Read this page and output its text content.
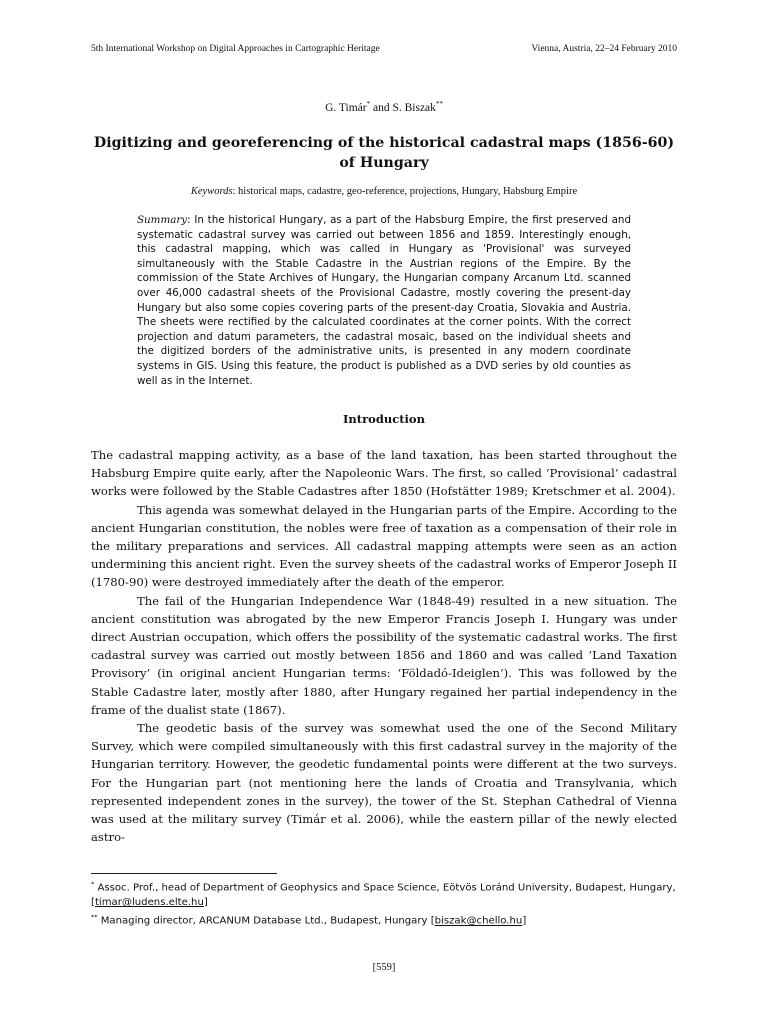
5th International Workshop on Digital Approaches in Cartographic Heritage	Vienna, Austria, 22–24 February 2010
G. Timár* and S. Biszak**
Digitizing and georeferencing of the historical cadastral maps (1856-60) of Hungary
Keywords: historical maps, cadastre, geo-reference, projections, Hungary, Habsburg Empire
Summary: In the historical Hungary, as a part of the Habsburg Empire, the first preserved and systematic cadastral survey was carried out between 1856 and 1859. Interestingly enough, this cadastral mapping, which was called in Hungary as 'Provisional' was surveyed simultaneously with the Stable Cadastre in the Austrian regions of the Empire. By the commission of the State Archives of Hungary, the Hungarian company Arcanum Ltd. scanned over 46,000 cadastral sheets of the Provisional Cadastre, mostly covering the present-day Hungary but also some copies covering parts of the present-day Croatia, Slovakia and Austria. The sheets were rectified by the calculated coordinates at the corner points. With the correct projection and datum parameters, the cadastral mosaic, based on the individual sheets and the digitized borders of the administrative units, is presented in any modern coordinate systems in GIS. Using this feature, the product is published as a DVD series by old counties as well as in the Internet.
Introduction

The cadastral mapping activity, as a base of the land taxation, has been started throughout the Habsburg Empire quite early, after the Napoleonic Wars. The first, so called ‘Provisional’ cadastral works were followed by the Stable Cadastres after 1850 (Hofstätter 1989; Kretschmer et al. 2004).

This agenda was somewhat delayed in the Hungarian parts of the Empire. According to the ancient Hungarian constitution, the nobles were free of taxation as a compensation of their role in the military preparations and services. All cadastral mapping attempts were seen as an action undermining this ancient right. Even the survey sheets of the cadastral works of Emperor Joseph II (1780-90) were destroyed immediately after the death of the emperor.

The fail of the Hungarian Independence War (1848-49) resulted in a new situation. The ancient constitution was abrogated by the new Emperor Francis Joseph I. Hungary was under direct Austrian occupation, which offers the possibility of the systematic cadastral works. The first cadastral survey was carried out mostly between 1856 and 1860 and was called ‘Land Taxation Provisory’ (in original ancient Hungarian terms: ‘Földadó-Ideiglen’). This was followed by the Stable Cadastre later, mostly after 1880, after Hungary regained her partial independency in the frame of the dualist state (1867).

The geodetic basis of the survey was somewhat used the one of the Second Military Survey, which were compiled simultaneously with this first cadastral survey in the majority of the Hungarian territory. However, the geodetic fundamental points were different at the two surveys. For the Hungarian part (not mentioning here the lands of Croatia and Transylvania, which represented independent zones in the survey), the tower of the St. Stephan Cathedral of Vienna was used at the military survey (Timár et al. 2006), while the eastern pillar of the newly elected astro-

* Assoc. Prof., head of Department of Geophysics and Space Science, Eötvös Loránd University, Budapest, Hungary, [timar@ludens.elte.hu]
** Managing director, ARCANUM Database Ltd., Budapest, Hungary [biszak@chello.hu]
[559]
